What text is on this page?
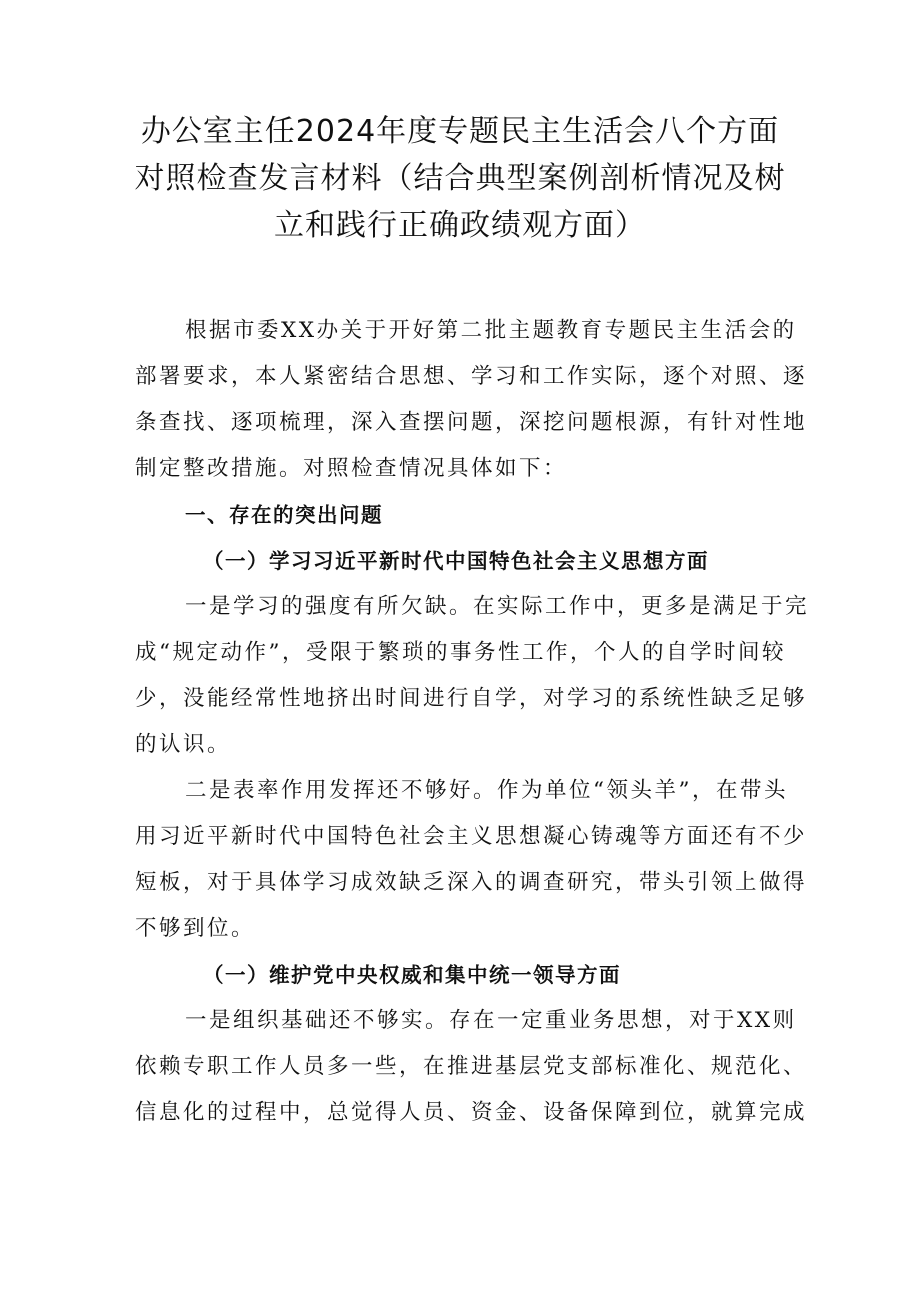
办公室主任2024年度专题民主生活会八个方面
对照检查发言材料（结合典型案例剖析情况及树
立和践行正确政绩观方面）
根据市委XX办关于开好第二批主题教育专题民主生活会的
部署要求，本人紧密结合思想、学习和工作实际，逐个对照、逐
条查找、逐项梳理，深入查摆问题，深挖问题根源，有针对性地
制定整改措施。对照检查情况具体如下：
一、存在的突出问题
（一）学习习近平新时代中国特色社会主义思想方面
一是学习的强度有所欠缺。在实际工作中，更多是满足于完
成“规定动作”，受限于繁琐的事务性工作，个人的自学时间较
少，没能经常性地挤出时间进行自学，对学习的系统性缺乏足够
的认识。
二是表率作用发挥还不够好。作为单位“领头羊”，在带头
用习近平新时代中国特色社会主义思想凝心铸魂等方面还有不少
短板，对于具体学习成效缺乏深入的调查研究，带头引领上做得
不够到位。
（一）维护党中央权威和集中统一领导方面
一是组织基础还不够实。存在一定重业务思想，对于XX则
依赖专职工作人员多一些，在推进基层党支部标准化、规范化、
信息化的过程中，总觉得人员、资金、设备保障到位，就算完成
